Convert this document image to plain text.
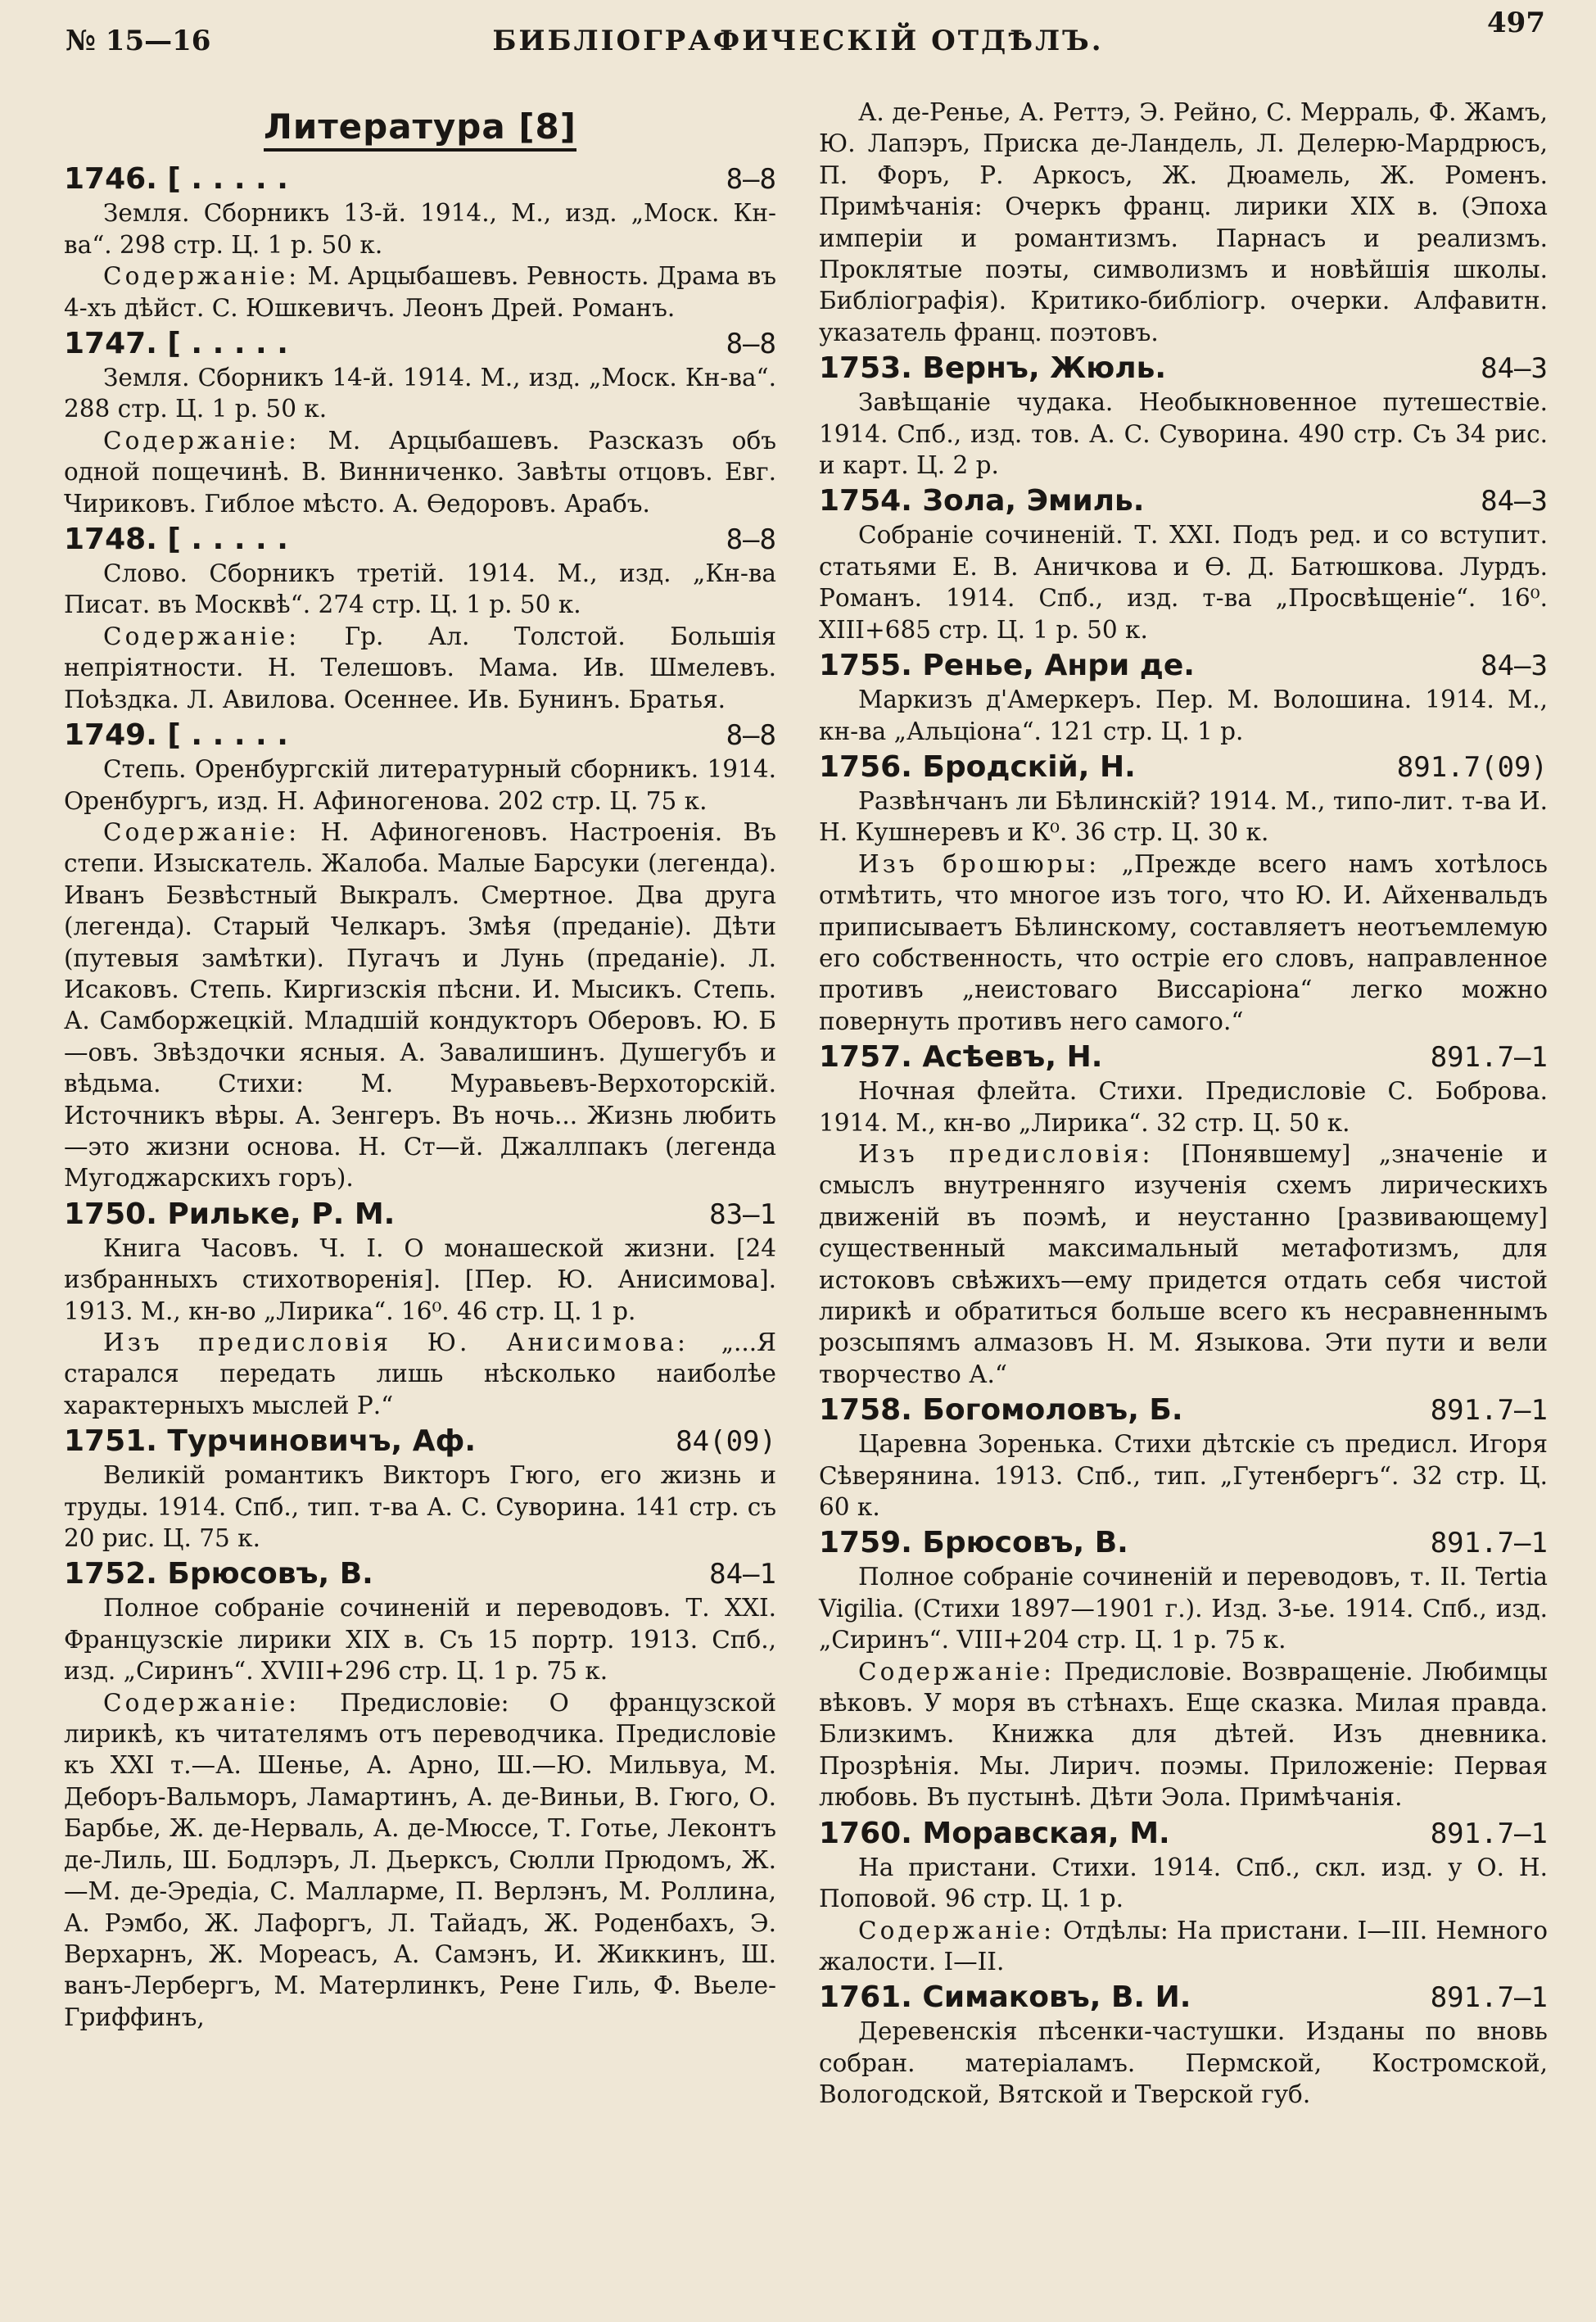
№ 15—16	БИБЛІОГРАФИЧЕСКІЙ ОТДѢЛЪ.
497
Литература [8]
1746. [ . . . . .	8—8
Земля. Сборникъ 13-й. 1914., М., изд. „Моск. Кн-ва“. 298 стр. Ц. 1 р. 50 к.
Содержаніе: М. Арцыбашевъ. Ревность. Драма въ 4-хъ дѣйст. С. Юшкевичъ. Леонъ Дрей. Романъ.
1747. [ . . . . .	8—8
Земля. Сборникъ 14-й. 1914. М., изд. „Моск. Кн-ва“. 288 стр. Ц. 1 р. 50 к.
Содержаніе: М. Арцыбашевъ. Разсказъ объ одной пощечинѣ. В. Винниченко. Завѣты отцовъ. Евг. Чириковъ. Гиблое мѣсто. А. Ѳедоровъ. Арабъ.
1748. [ . . . . .	8—8
Слово. Сборникъ третій. 1914. М., изд. „Кн-ва Писат. въ Москвѣ“. 274 стр. Ц. 1 р. 50 к.
Содержаніе: Гр. Ал. Толстой. Большія непріятности. Н. Телешовъ. Мама. Ив. Шмелевъ. Поѣздка. Л. Авилова. Осеннее. Ив. Бунинъ. Братья.
1749. [ . . . . .	8—8
Степь. Оренбургскій литературный сборникъ. 1914. Оренбургъ, изд. Н. Афиногенова. 202 стр. Ц. 75 к.
Содержаніе: Н. Афиногеновъ. Настроенія. Въ степи. Изыскатель. Жалоба. Малые Барсуки (легенда). Иванъ Безвѣстный Выкралъ. Смертное. Два друга (легенда). Старый Челкаръ. Змѣя (преданіе). Дѣти (путевыя замѣтки). Пугачъ и Лунь (преданіе). Л. Исаковъ. Степь. Киргизскія пѣсни. И. Мысикъ. Степь. А. Самборжецкій. Младшій кондукторъ Оберовъ. Ю. Б—овъ. Звѣздочки ясныя. А. Завалишинъ. Душегубъ и вѣдьма. Стихи: М. Муравьевъ-Верхоторскій. Источникъ вѣры. А. Зенгеръ. Въ ночь... Жизнь любить—это жизни основа. Н. Ст—й. Джаллпакъ (легенда Мугоджарскихъ горъ).
1750. Рильке, Р. М.	83—1
Книга Часовъ. Ч. I. О монашеской жизни. [24 избранныхъ стихотворенія]. [Пер. Ю. Анисимова]. 1913. М., кн-во „Лирика“. 16⁰. 46 стр. Ц. 1 р.
Изъ предисловія Ю. Анисимова: „...Я старался передать лишь нѣсколько наиболѣе характерныхъ мыслей Р.“
1751. Турчиновичъ, Аф.	84(09)
Великій романтикъ Викторъ Гюго, его жизнь и труды. 1914. Спб., тип. т-ва А. С. Суворина. 141 стр. съ 20 рис. Ц. 75 к.
1752. Брюсовъ, В.	84—1
Полное собраніе сочиненій и переводовъ. Т. XXI. Французскіе лирики XIX в. Съ 15 портр. 1913. Спб., изд. „Сиринъ“. XVIII+296 стр. Ц. 1 р. 75 к.
Содержаніе: Предисловіе: О французской лирикѣ, къ читателямъ отъ переводчика. Предисловіе къ XXI т.—А. Шенье, А. Арно, Ш.—Ю. Мильвуа, М. Деборъ-Вальморъ, Ламартинъ, А. де-Виньи, В. Гюго, О. Барбье, Ж. де-Нерваль, А. де-Мюссе, Т. Готье, Леконтъ де-Лиль, Ш. Бодлэръ, Л. Дьеркcъ, Сюлли Прюдомъ, Ж.—М. де-Эредіа, С. Малларме, П. Верлэнъ, М. Роллина, А. Рэмбо, Ж. Лафоргъ, Л. Тайадъ, Ж. Роденбахъ, Э. Верхарнъ, Ж. Мореасъ, А. Самэнъ, И. Жиккинъ, Ш. ванъ-Лербергъ, М. Матерлинкъ, Рене Гиль, Ф. Вьеле-Гриффинъ,
А. де-Ренье, А. Реттэ, Э. Рейно, С. Мерраль, Ф. Жамъ, Ю. Лапэръ, Приска де-Ландель, Л. Делерю-Мардрюсъ, П. Форъ, Р. Аркосъ, Ж. Дюамель, Ж. Роменъ. Примѣчанія: Очеркъ франц. лирики XIX в. (Эпоха имперіи и романтизмъ. Парнасъ и реализмъ. Проклятые поэты, символизмъ и новѣйшія школы. Библіографія). Критико-библіогр. очерки. Алфавитн. указатель франц. поэтовъ.
1753. Вернъ, Жюль.	84—3
Завѣщаніе чудака. Необыкновенное путешествіе. 1914. Спб., изд. тов. А. С. Суворина. 490 стр. Съ 34 рис. и карт. Ц. 2 р.
1754. Зола, Эмиль.	84—3
Собраніе сочиненій. Т. XXI. Подъ ред. и со вступит. статьями Е. В. Аничкова и Ѳ. Д. Батюшкова. Лурдъ. Романъ. 1914. Спб., изд. т-ва „Просвѣщеніе“. 16⁰. XIII+685 стр. Ц. 1 р. 50 к.
1755. Ренье, Анри де.	84—3
Маркизъ д'Амеркеръ. Пер. М. Волошина. 1914. М., кн-ва „Альціона“. 121 стр. Ц. 1 р.
1756. Бродскій, Н.	891.7(09)
Развѣнчанъ ли Бѣлинскій? 1914. М., типо-лит. т-ва И. Н. Кушнеревъ и К⁰. 36 стр. Ц. 30 к.
Изъ брошюры: „Прежде всего намъ хотѣлось отмѣтить, что многое изъ того, что Ю. И. Айхенвальдъ приписываетъ Бѣлинскому, составляетъ неотъемлемую его собственность, что остріе его словъ, направленное противъ „неистоваго Виссаріона“ легко можно повернуть противъ него самого.“
1757. Асѣевъ, Н.	891.7—1
Ночная флейта. Стихи. Предисловіе С. Боброва. 1914. М., кн-во „Лирика“. 32 стр. Ц. 50 к.
Изъ предисловія: [Понявшему] „значеніе и смыслъ внутренняго изученія схемъ лирическихъ движеній въ поэмѣ, и неустанно [развивающему] существенный максимальный метафотизмъ, для истоковъ свѣжихъ—ему придется отдать себя чистой лирикѣ и обратиться больше всего къ несравненнымъ розсыпямъ алмазовъ Н. М. Языкова. Эти пути и вели творчество А.“
1758. Богомоловъ, Б.	891.7—1
Царевна Зоренька. Стихи дѣтскіе съ предисл. Игоря Сѣверянина. 1913. Спб., тип. „Гутенбергъ“. 32 стр. Ц. 60 к.
1759. Брюсовъ, В.	891.7—1
Полное собраніе сочиненій и переводовъ, т. II. Tertia Vigilia. (Стихи 1897—1901 г.). Изд. 3-ье. 1914. Спб., изд. „Сиринъ“. VIII+204 стр. Ц. 1 р. 75 к.
Содержаніе: Предисловіе. Возвращеніе. Любимцы вѣковъ. У моря въ стѣнахъ. Еще сказка. Милая правда. Близкимъ. Книжка для дѣтей. Изъ дневника. Прозрѣнія. Мы. Лирич. поэмы. Приложеніе: Первая любовь. Въ пустынѣ. Дѣти Эола. Примѣчанія.
1760. Моравская, М.	891.7—1
На пристани. Стихи. 1914. Спб., скл. изд. у О. Н. Поповой. 96 стр. Ц. 1 р.
Содержаніе: Отдѣлы: На пристани. I—III. Немного жалости. I—II.
1761. Симаковъ, В. И.	891.7—1
Деревенскія пѣсенки-частушки. Изданы по вновь собран. матеріаламъ. Пермской, Костромской, Вологодской, Вятской и Тверской губ.
